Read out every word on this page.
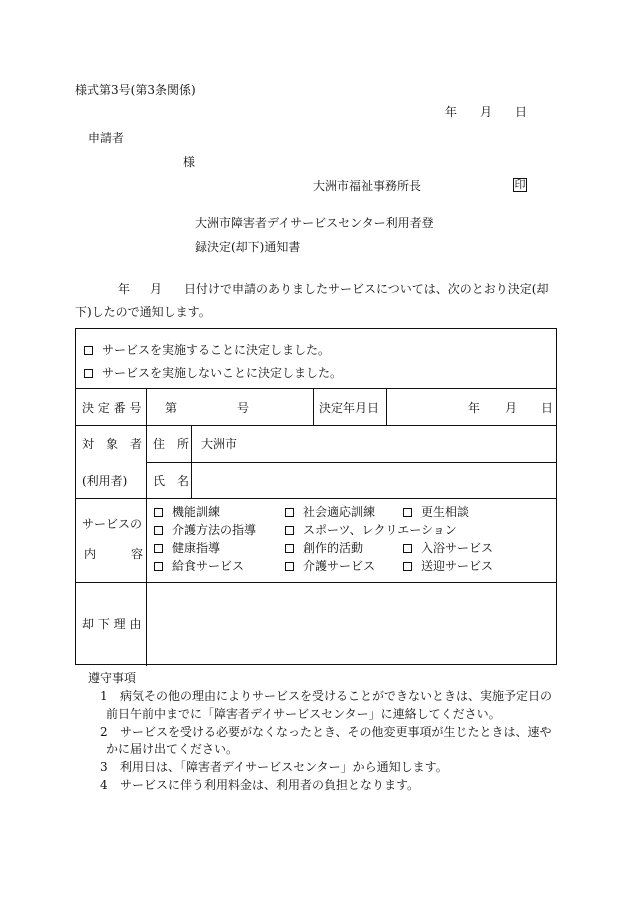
様式第3号(第3条関係)
年 月 日
申請者
様
大洲市福祉事務所長	印
大洲市障害者デイサービスセンター利用者登
録決定(却下)通知書
年 月 日付けで申請のありましたサービスについては、次のとおり決定(却
下)したので通知します。
サービスを実施することに決定しました。
サービスを実施しないことに決定しました。
決 定 番 号 第	号	決定年月日	年 月 日
対　象　者
(利用者)
住　所 大洲市
氏　名
サービスの
内	容
機能訓練	社会適応訓練	更生相談
介護方法の指導	スポーツ、レクリエーション
健康指導	創作的活動	入浴サービス
給食サービス	介護サービス	送迎サービス
却 下 理 由
遵守事項
1 病気その他の理由によりサービスを受けることができないときは、実施予定日の
前日午前中までに「障害者デイサービスセンター」に連絡してください。
2 サービスを受ける必要がなくなったとき、その他変更事項が生じたときは、速や
かに届け出てください。
3 利用日は、「障害者デイサービスセンター」から通知します。
4 サービスに伴う利用料金は、利用者の負担となります。
